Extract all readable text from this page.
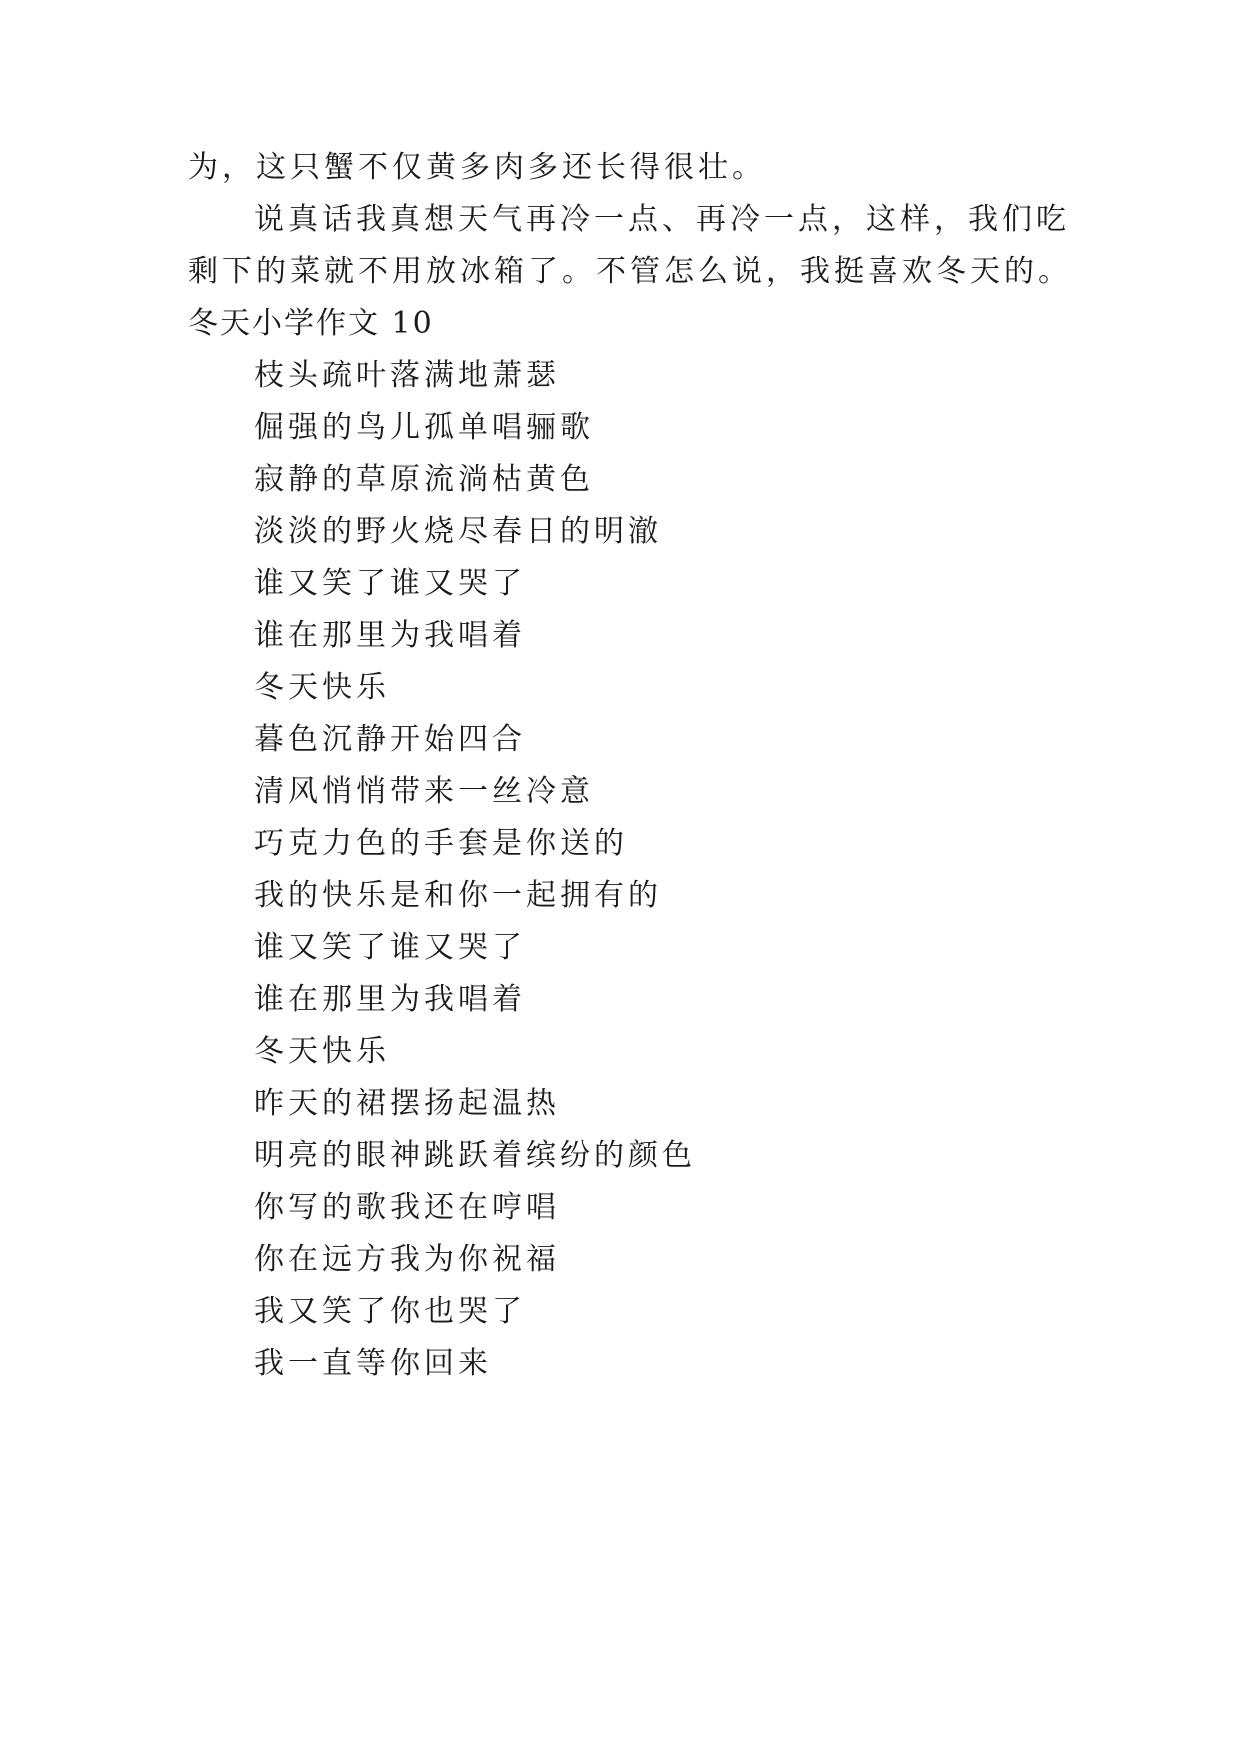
为，这只蟹不仅黄多肉多还长得很壮。
说真话我真想天气再冷一点、再冷一点，这样，我们吃
剩下的菜就不用放冰箱了。不管怎么说，我挺喜欢冬天的。
冬天小学作文 10
枝头疏叶落满地萧瑟
倔强的鸟儿孤单唱骊歌
寂静的草原流淌枯黄色
淡淡的野火烧尽春日的明澈
谁又笑了谁又哭了
谁在那里为我唱着
冬天快乐
暮色沉静开始四合
清风悄悄带来一丝冷意
巧克力色的手套是你送的
我的快乐是和你一起拥有的
谁又笑了谁又哭了
谁在那里为我唱着
冬天快乐
昨天的裙摆扬起温热
明亮的眼神跳跃着缤纷的颜色
你写的歌我还在哼唱
你在远方我为你祝福
我又笑了你也哭了
我一直等你回来
